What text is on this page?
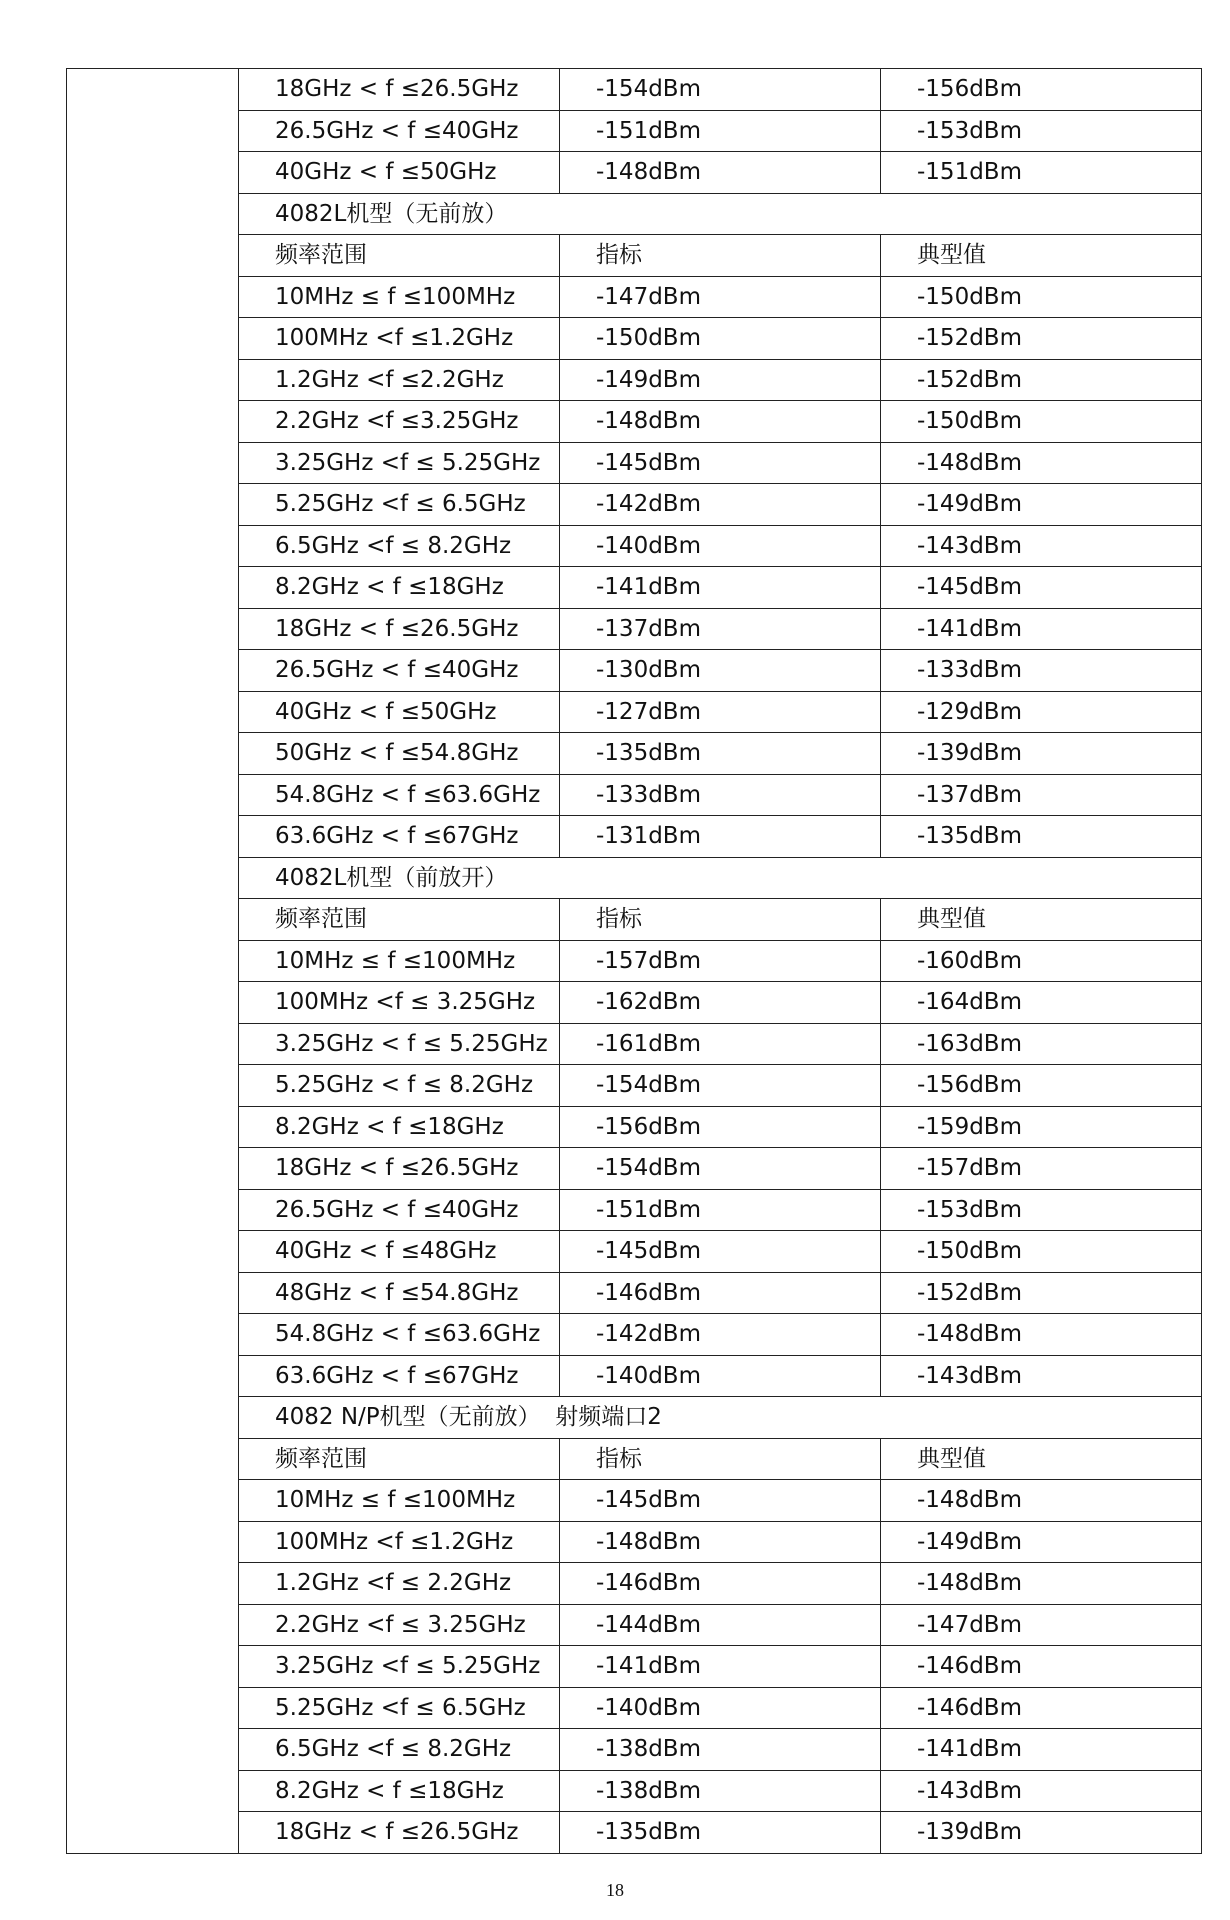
	18GHz < f ≤26.5GHz	-154dBm	-156dBm
	26.5GHz < f ≤40GHz	-151dBm	-153dBm
	40GHz < f ≤50GHz	-148dBm	-151dBm
	4082L机型（无前放）		
	频率范围	指标	典型值
	10MHz ≤ f ≤100MHz	-147dBm	-150dBm
	100MHz <f ≤1.2GHz	-150dBm	-152dBm
	1.2GHz <f ≤2.2GHz	-149dBm	-152dBm
	2.2GHz <f ≤3.25GHz	-148dBm	-150dBm
	3.25GHz <f ≤ 5.25GHz	-145dBm	-148dBm
	5.25GHz <f ≤ 6.5GHz	-142dBm	-149dBm
	6.5GHz <f ≤ 8.2GHz	-140dBm	-143dBm
	8.2GHz < f ≤18GHz	-141dBm	-145dBm
	18GHz < f ≤26.5GHz	-137dBm	-141dBm
	26.5GHz < f ≤40GHz	-130dBm	-133dBm
	40GHz < f ≤50GHz	-127dBm	-129dBm
	50GHz < f ≤54.8GHz	-135dBm	-139dBm
	54.8GHz < f ≤63.6GHz	-133dBm	-137dBm
	63.6GHz < f ≤67GHz	-131dBm	-135dBm
	4082L机型（前放开）		
	频率范围	指标	典型值
	10MHz ≤ f ≤100MHz	-157dBm	-160dBm
	100MHz <f ≤ 3.25GHz	-162dBm	-164dBm
	3.25GHz < f ≤ 5.25GHz	-161dBm	-163dBm
	5.25GHz < f ≤ 8.2GHz	-154dBm	-156dBm
	8.2GHz < f ≤18GHz	-156dBm	-159dBm
	18GHz < f ≤26.5GHz	-154dBm	-157dBm
	26.5GHz < f ≤40GHz	-151dBm	-153dBm
	40GHz < f ≤48GHz	-145dBm	-150dBm
	48GHz < f ≤54.8GHz	-146dBm	-152dBm
	54.8GHz < f ≤63.6GHz	-142dBm	-148dBm
	63.6GHz < f ≤67GHz	-140dBm	-143dBm
	4082 N/P机型（无前放）  射频端口2		
	频率范围	指标	典型值
	10MHz ≤ f ≤100MHz	-145dBm	-148dBm
	100MHz <f ≤1.2GHz	-148dBm	-149dBm
	1.2GHz <f ≤ 2.2GHz	-146dBm	-148dBm
	2.2GHz <f ≤ 3.25GHz	-144dBm	-147dBm
	3.25GHz <f ≤ 5.25GHz	-141dBm	-146dBm
	5.25GHz <f ≤ 6.5GHz	-140dBm	-146dBm
	6.5GHz <f ≤ 8.2GHz	-138dBm	-141dBm
	8.2GHz < f ≤18GHz	-138dBm	-143dBm
	18GHz < f ≤26.5GHz	-135dBm	-139dBm
18
